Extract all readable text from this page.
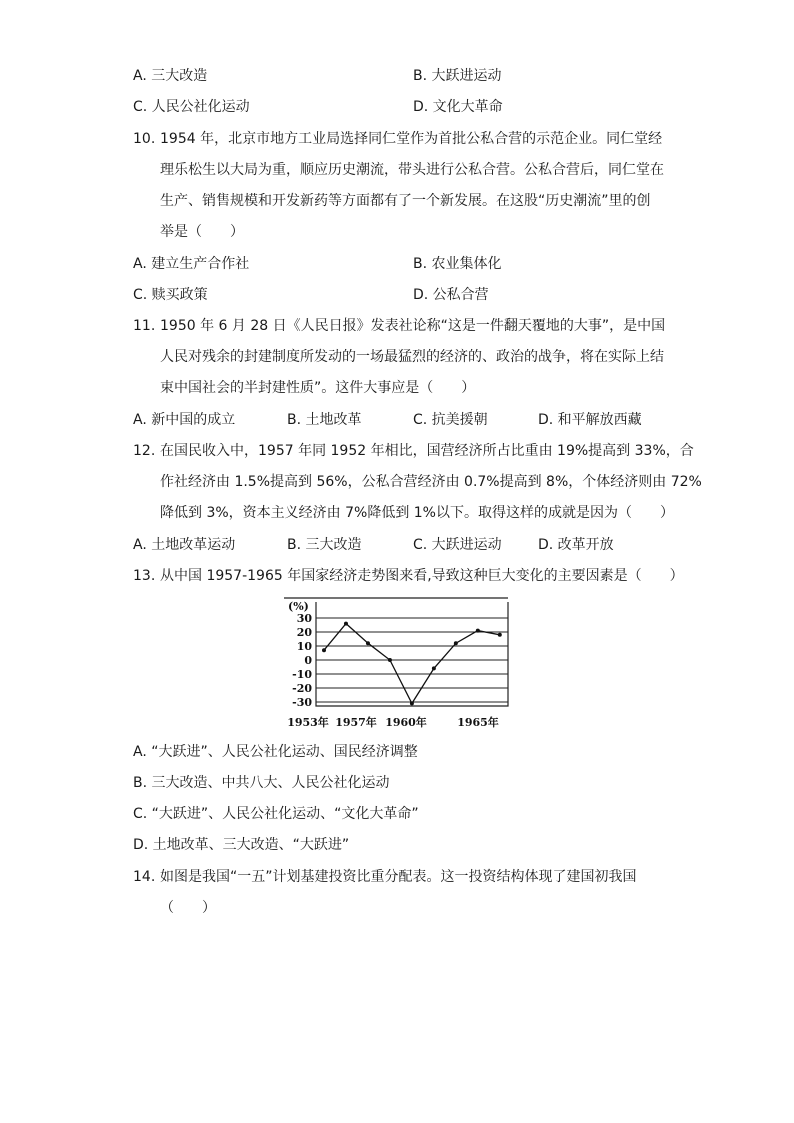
A. 三大改造	B. 大跃进运动
C. 人民公社化运动	D. 文化大革命
10. 1954 年，北京市地方工业局选择同仁堂作为首批公私合营的示范企业。同仁堂经
理乐松生以大局为重，顺应历史潮流，带头进行公私合营。公私合营后，同仁堂在
生产、销售规模和开发新药等方面都有了一个新发展。在这股“历史潮流”里的创
举是（　　）
A. 建立生产合作社	B. 农业集体化
C. 赎买政策	D. 公私合营
11. 1950 年 6 月 28 日《人民日报》发表社论称“这是一件翻天覆地的大事”，是中国
人民对残余的封建制度所发动的一场最猛烈的经济的、政治的战争，将在实际上结
束中国社会的半封建性质”。这件大事应是（　　）
A. 新中国的成立	B. 土地改革	C. 抗美援朝	D. 和平解放西藏
12. 在国民收入中，1957 年同 1952 年相比，国营经济所占比重由 19%提高到 33%，合
作社经济由 1.5%提高到 56%，公私合营经济由 0.7%提高到 8%，个体经济则由 72%
降低到 3%，资本主义经济由 7%降低到 1%以下。取得这样的成就是因为（　　）
A. 土地改革运动	B. 三大改造	C. 大跃进运动	D. 改革开放
13. 从中国 1957-1965 年国家经济走势图来看,导致这种巨大变化的主要因素是（　　）
30
20
10
0
-10
-20
-30
1953年 1957年 1960年	1965年
(%)
A. “大跃进”、人民公社化运动、国民经济调整
B. 三大改造、中共八大、人民公社化运动
C. “大跃进”、人民公社化运动、“文化大革命”
D. 土地改革、三大改造、“大跃进”
14. 如图是我国“一五”计划基建投资比重分配表。这一投资结构体现了建国初我国
（　　）
